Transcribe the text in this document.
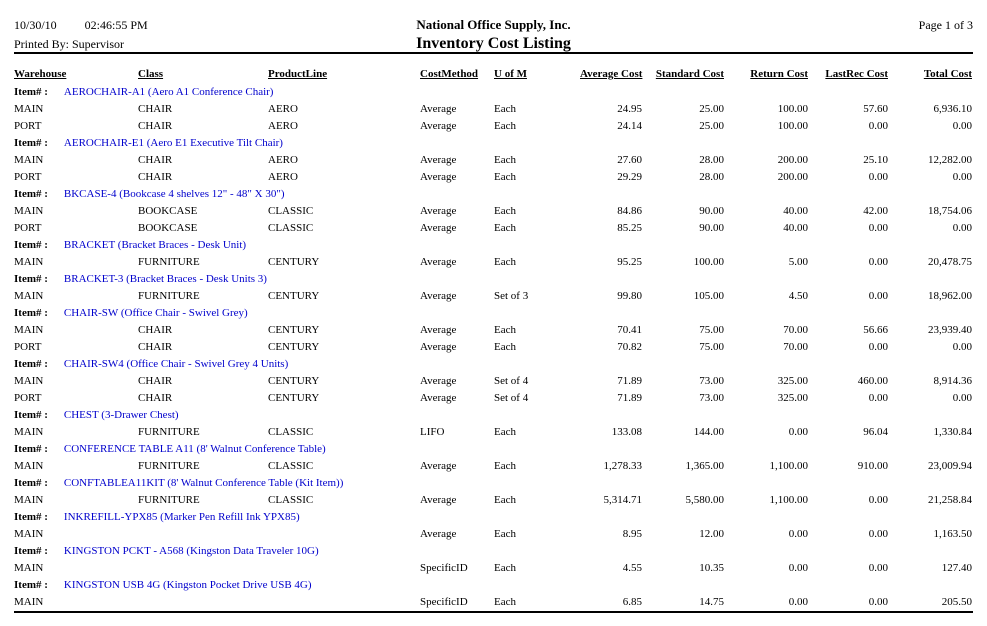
10/30/10 02:46:55 PM
Printed By: Supervisor
National Office Supply, Inc.
Inventory Cost Listing
Page 1 of 3
Warehouse	Class	ProductLine	CostMethod	U of M	Average Cost	Standard Cost	Return Cost	LastRec Cost	Total Cost
Item# : AEROCHAIR-A1 (Aero A1 Conference Chair)									
MAIN	CHAIR	AERO	Average	Each	24.95	25.00	100.00	57.60	6,936.10
PORT	CHAIR	AERO	Average	Each	24.14	25.00	100.00	0.00	0.00
Item# : AEROCHAIR-E1 (Aero E1 Executive Tilt Chair)									
MAIN	CHAIR	AERO	Average	Each	27.60	28.00	200.00	25.10	12,282.00
PORT	CHAIR	AERO	Average	Each	29.29	28.00	200.00	0.00	0.00
Item# : BKCASE-4 (Bookcase 4 shelves 12" - 48" X 30")									
MAIN	BOOKCASE	CLASSIC	Average	Each	84.86	90.00	40.00	42.00	18,754.06
PORT	BOOKCASE	CLASSIC	Average	Each	85.25	90.00	40.00	0.00	0.00
Item# : BRACKET (Bracket Braces - Desk Unit)									
MAIN	FURNITURE	CENTURY	Average	Each	95.25	100.00	5.00	0.00	20,478.75
Item# : BRACKET-3 (Bracket Braces - Desk Units 3)									
MAIN	FURNITURE	CENTURY	Average	Set of 3	99.80	105.00	4.50	0.00	18,962.00
Item# : CHAIR-SW (Office Chair - Swivel Grey)									
MAIN	CHAIR	CENTURY	Average	Each	70.41	75.00	70.00	56.66	23,939.40
PORT	CHAIR	CENTURY	Average	Each	70.82	75.00	70.00	0.00	0.00
Item# : CHAIR-SW4 (Office Chair - Swivel Grey 4 Units)									
MAIN	CHAIR	CENTURY	Average	Set of 4	71.89	73.00	325.00	460.00	8,914.36
PORT	CHAIR	CENTURY	Average	Set of 4	71.89	73.00	325.00	0.00	0.00
Item# : CHEST (3-Drawer Chest)									
MAIN	FURNITURE	CLASSIC	LIFO	Each	133.08	144.00	0.00	96.04	1,330.84
Item# : CONFERENCE TABLE A11 (8' Walnut Conference Table)									
MAIN	FURNITURE	CLASSIC	Average	Each	1,278.33	1,365.00	1,100.00	910.00	23,009.94
Item# : CONFTABLEA11KIT (8' Walnut Conference Table (Kit Item))									
MAIN	FURNITURE	CLASSIC	Average	Each	5,314.71	5,580.00	1,100.00	0.00	21,258.84
Item# : INKREFILL-YPX85 (Marker Pen Refill Ink YPX85)									
MAIN			Average	Each	8.95	12.00	0.00	0.00	1,163.50
Item# : KINGSTON PCKT - A568 (Kingston Data Traveler 10G)									
MAIN			SpecificID	Each	4.55	10.35	0.00	0.00	127.40
Item# : KINGSTON USB 4G (Kingston Pocket Drive USB 4G)									
MAIN			SpecificID	Each	6.85	14.75	0.00	0.00	205.50
